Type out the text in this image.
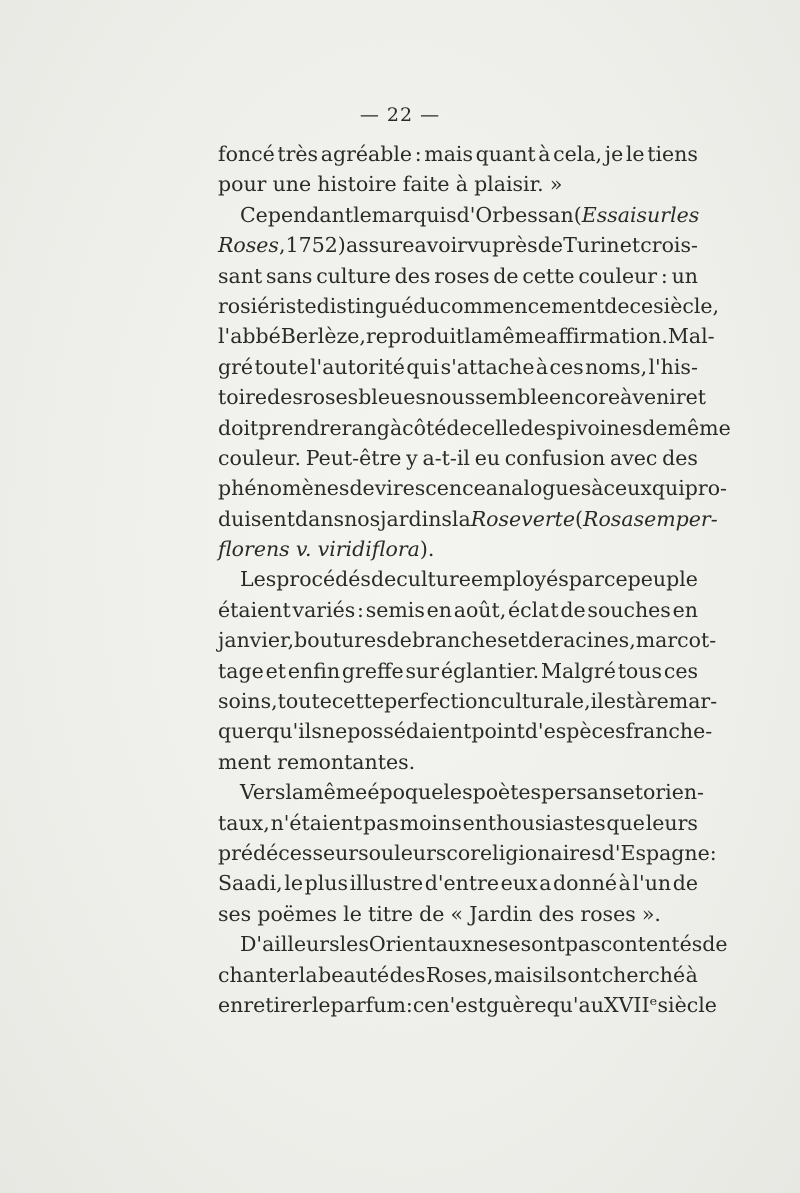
— 22 —
foncé très agréable : mais quant à cela, je le tiens
pour une histoire faite à plaisir. »
Cependant le marquis d'Orbessan (Essai sur les
Roses, 1752) assure avoir vu près de Turin et crois-
sant sans culture des roses de cette couleur : un
rosiériste distingué du commencement de ce siècle,
l'abbé Berlèze, reproduit la même affirmation. Mal-
gré toute l'autorité qui s'attache à ces noms, l'his-
toire des roses bleues nous semble encore à venir et
doit prendre rang à côté de celle des pivoines de même
couleur. Peut-être y a-t-il eu confusion avec des
phénomènes de virescence analogues à ceux qui pro-
duisent dans nos jardins la Rose verte (Rosa semper-
florens v. viridiflora).
Les procédés de culture employés par ce peuple
étaient variés : semis en août, éclat de souches en
janvier, boutures de branches et de racines, marcot-
tage et enfin greffe sur églantier. Malgré tous ces
soins, toute cette perfection culturale, il est à remar-
quer qu'ils ne possédaient point d'espèces franche-
ment remontantes.
Vers la même époque les poètes persans et orien-
taux, n'étaient pas moins enthousiastes que leurs
prédécesseurs ou leurs coreligionaires d'Espagne :
Saadi, le plus illustre d'entre eux a donné à l'un de
ses poëmes le titre de « Jardin des roses ».
D'ailleurs les Orientaux ne se sont pas contentés de
chanter la beauté des Roses, mais ils ont cherché à
en retirer le parfum : ce n'est guère qu'au XVIIᵉ siècle
